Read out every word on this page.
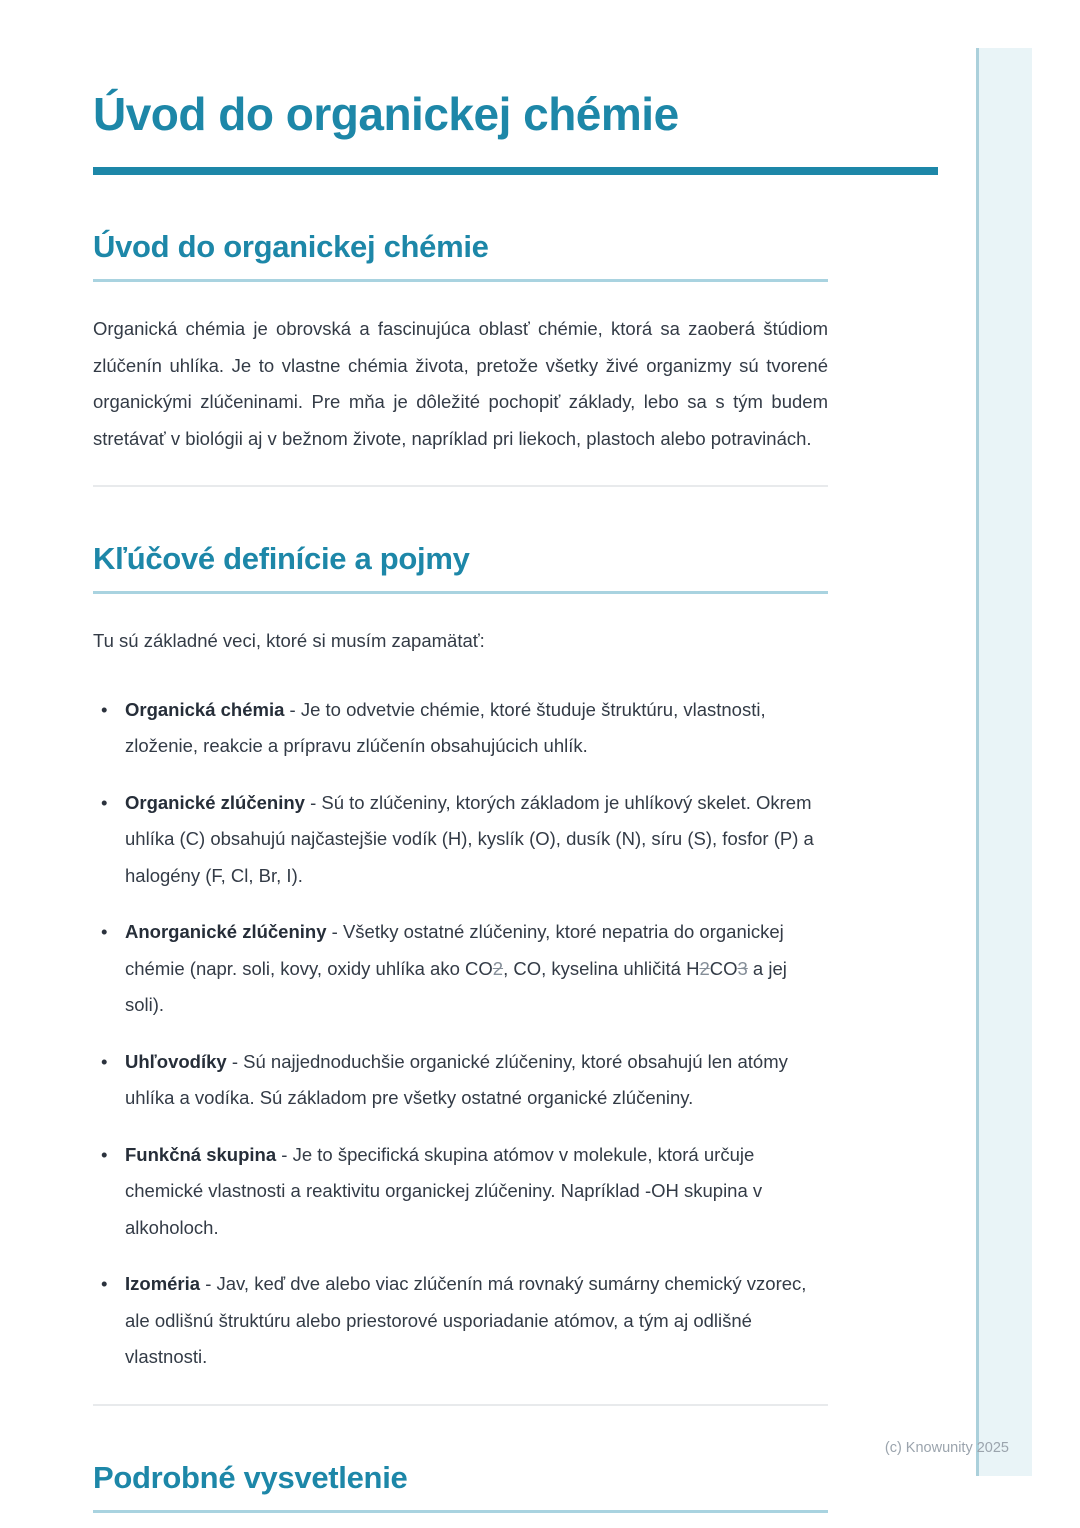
Úvod do organickej chémie
Úvod do organickej chémie

Organická chémia je obrovská a fascinujúca oblasť chémie, ktorá sa zaoberá štúdiom zlúčenín uhlíka. Je to vlastne chémia života, pretože všetky živé organizmy sú tvorené organickými zlúčeninami. Pre mňa je dôležité pochopiť základy, lebo sa s tým budem stretávať v biológii aj v bežnom živote, napríklad pri liekoch, plastoch alebo potravinách.

Kľúčové definície a pojmy

Tu sú základné veci, ktoré si musím zapamätať:

• Organická chémia - Je to odvetvie chémie, ktoré študuje štruktúru, vlastnosti, zloženie, reakcie a prípravu zlúčenín obsahujúcich uhlík.
• Organické zlúčeniny - Sú to zlúčeniny, ktorých základom je uhlíkový skelet. Okrem uhlíka (C) obsahujú najčastejšie vodík (H), kyslík (O), dusík (N), síru (S), fosfor (P) a halogény (F, Cl, Br, I).
• Anorganické zlúčeniny - Všetky ostatné zlúčeniny, ktoré nepatria do organickej chémie (napr. soli, kovy, oxidy uhlíka ako CO2, CO, kyselina uhličitá H2CO3 a jej soli).
• Uhľovodíky - Sú najjednoduchšie organické zlúčeniny, ktoré obsahujú len atómy uhlíka a vodíka. Sú základom pre všetky ostatné organické zlúčeniny.
• Funkčná skupina - Je to špecifická skupina atómov v molekule, ktorá určuje chemické vlastnosti a reaktivitu organickej zlúčeniny. Napríklad -OH skupina v alkoholoch.
• Izoméria - Jav, keď dve alebo viac zlúčenín má rovnaký sumárny chemický vzorec, ale odlišnú štruktúru alebo priestorové usporiadanie atómov, a tým aj odlišné vlastnosti.
Podrobné vysvetlenie
(c) Knowunity 2025
